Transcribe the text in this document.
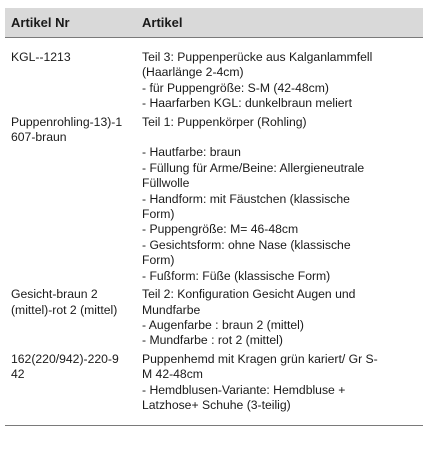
Artikel Nr	Artikel
KGL--1213	Teil 3: Puppenperücke aus Kalganlammfell
(Haarlänge 2-4cm)
- für Puppengröße: S-M (42-48cm)
- Haarfarben KGL: dunkelbraun meliert
Puppenrohling-13)-1
607-braun
Teil 1: Puppenkörper (Rohling)

- Hautfarbe: braun
- Füllung für Arme/Beine: Allergieneutrale
Füllwolle
- Handform: mit Fäustchen (klassische
Form)
- Puppengröße: M= 46-48cm
- Gesichtsform: ohne Nase (klassische
Form)
- Fußform: Füße (klassische Form)
Gesicht-braun 2
(mittel)-rot 2 (mittel)
Teil 2: Konfiguration Gesicht Augen und
Mundfarbe
- Augenfarbe : braun 2 (mittel)
- Mundfarbe : rot 2 (mittel)
162(220/942)-220-9
42
Puppenhemd mit Kragen grün kariert/ Gr S-
M 42-48cm
- Hemdblusen-Variante: Hemdbluse +
Latzhose+ Schuhe (3-teilig)
